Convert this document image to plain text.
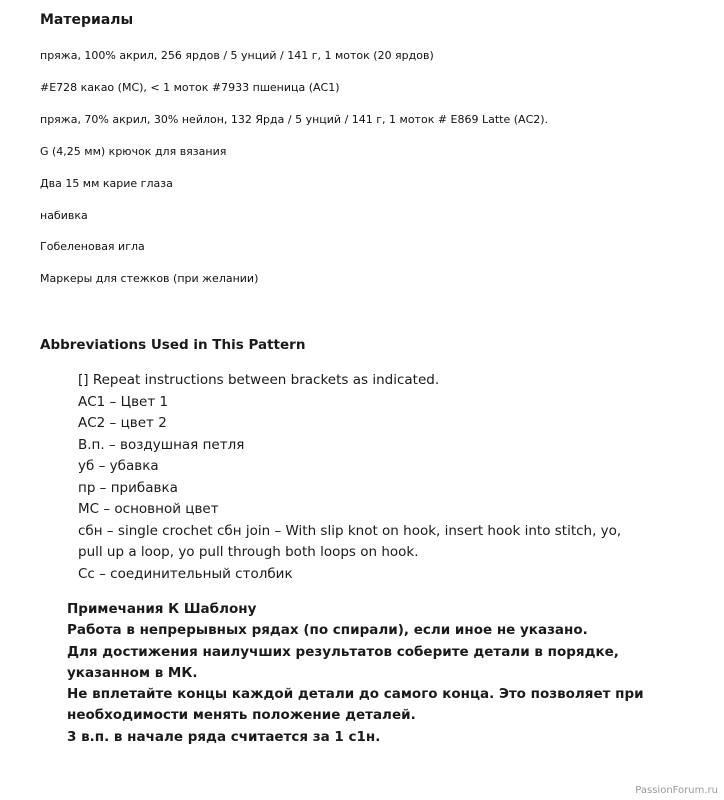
Материалы
пряжа, 100% акрил, 256 ярдов / 5 унций / 141 г, 1 моток (20 ярдов)
#E728 какао (МС), < 1 моток #7933 пшеница (АС1)
пряжа, 70% акрил, 30% нейлон, 132 Ярда / 5 унций / 141 г, 1 моток # E869 Latte (АС2).
G (4,25 мм) крючок для вязания
Два 15 мм карие глаза
набивка
Гобеленовая игла
Маркеры для стежков (при желании)
Abbreviations Used in This Pattern
[] Repeat instructions between brackets as indicated.
АС1 – Цвет 1
АС2 – цвет 2
В.п. – воздушная петля
уб – убавка
пр – прибавка
МС – основной цвет
сбн – single crochet сбн join – With slip knot on hook, insert hook into stitch, yo,
pull up a loop, yo pull through both loops on hook.
Сс – соединительный столбик
Примечания К Шаблону
Работа в непрерывных рядах (по спирали), если иное не указано.
Для достижения наилучших результатов соберите детали в порядке,
указанном в МК.
Не вплетайте концы каждой детали до самого конца. Это позволяет при
необходимости менять положение деталей.
3 в.п. в начале ряда считается за 1 с1н.
PassionForum.ru
